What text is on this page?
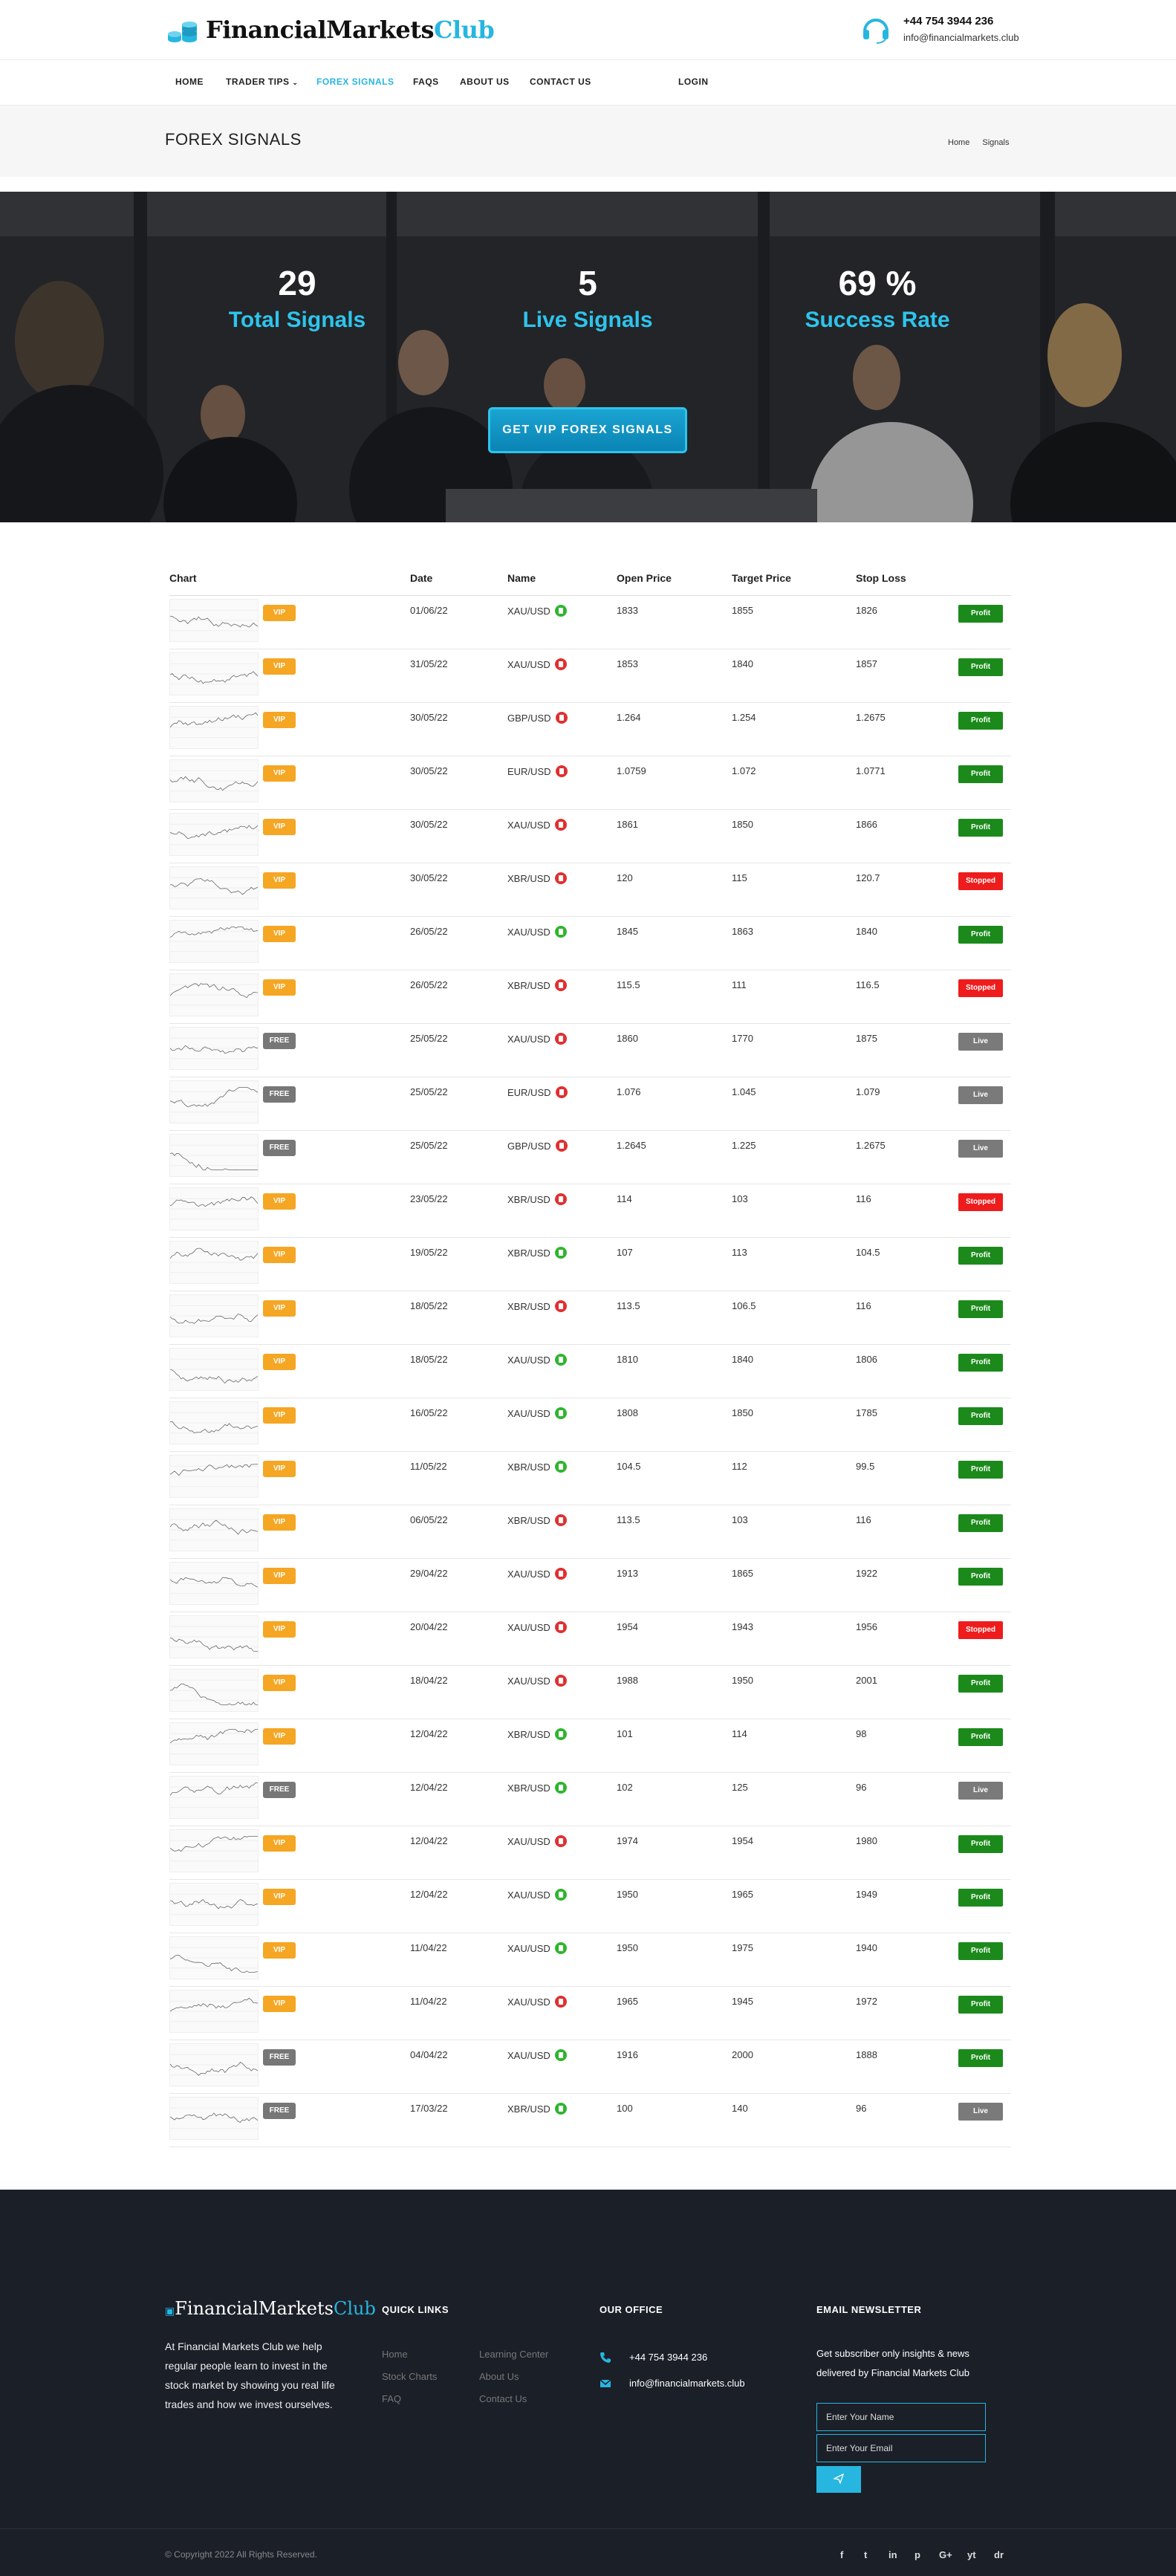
FinancialMarketsClub	+44 754 3944 236
info@financialmarkets.club
HOME	TRADER TIPS ⌄ FOREX SIGNALS FAQS ABOUT US CONTACT US	LOGIN
FOREX SIGNALS	Home Signals
29
Total Signals
5
Live Signals
69 %
Success Rate
GET VIP FOREX SIGNALS
Chart	Date	Name	Open Price	Target Price	Stop Loss
VIP	01/06/22	XAU/USD	1833	1855	1826	Profit
VIP	31/05/22	XAU/USD	1853	1840	1857	Profit
VIP	30/05/22	GBP/USD	1.264	1.254	1.2675	Profit
VIP	30/05/22	EUR/USD	1.0759	1.072	1.0771	Profit
VIP	30/05/22	XAU/USD	1861	1850	1866	Profit
VIP	30/05/22	XBR/USD	120	115	120.7	Stopped
VIP	26/05/22	XAU/USD	1845	1863	1840	Profit
VIP	26/05/22	XBR/USD	115.5	111	116.5	Stopped
FREE	25/05/22	XAU/USD	1860	1770	1875	Live
FREE	25/05/22	EUR/USD	1.076	1.045	1.079	Live
FREE	25/05/22	GBP/USD	1.2645	1.225	1.2675	Live
VIP	23/05/22	XBR/USD	114	103	116	Stopped
VIP	19/05/22	XBR/USD	107	113	104.5	Profit
VIP	18/05/22	XBR/USD	113.5	106.5	116	Profit
VIP	18/05/22	XAU/USD	1810	1840	1806	Profit
VIP	16/05/22	XAU/USD	1808	1850	1785	Profit
VIP	11/05/22	XBR/USD	104.5	112	99.5	Profit
VIP	06/05/22	XBR/USD	113.5	103	116	Profit
VIP	29/04/22	XAU/USD	1913	1865	1922	Profit
VIP	20/04/22	XAU/USD	1954	1943	1956	Stopped
VIP	18/04/22	XAU/USD	1988	1950	2001	Profit
VIP	12/04/22	XBR/USD	101	114	98	Profit
FREE	12/04/22	XBR/USD	102	125	96	Live
VIP	12/04/22	XAU/USD	1974	1954	1980	Profit
VIP	12/04/22	XAU/USD	1950	1965	1949	Profit
VIP	11/04/22	XAU/USD	1950	1975	1940	Profit
VIP	11/04/22	XAU/USD	1965	1945	1972	Profit
FREE	04/04/22	XAU/USD	1916	2000	1888	Profit
FREE	17/03/22	XBR/USD	100	140	96	Live
▣FinancialMarketsClub
At Financial Markets Club we help regular people learn to invest in the stock market by showing you real life trades and how we invest ourselves.
QUICK LINKS
Home
Stock Charts
FAQ
Learning Center
About Us
Contact Us
OUR OFFICE
+44 754 3944 236
info@financialmarkets.club
EMAIL NEWSLETTER
Get subscriber only insights & news delivered by Financial Markets Club
Enter Your Name
Enter Your Email
© Copyright 2022 All Rights Reserved.	f t in p G+ yt dr
